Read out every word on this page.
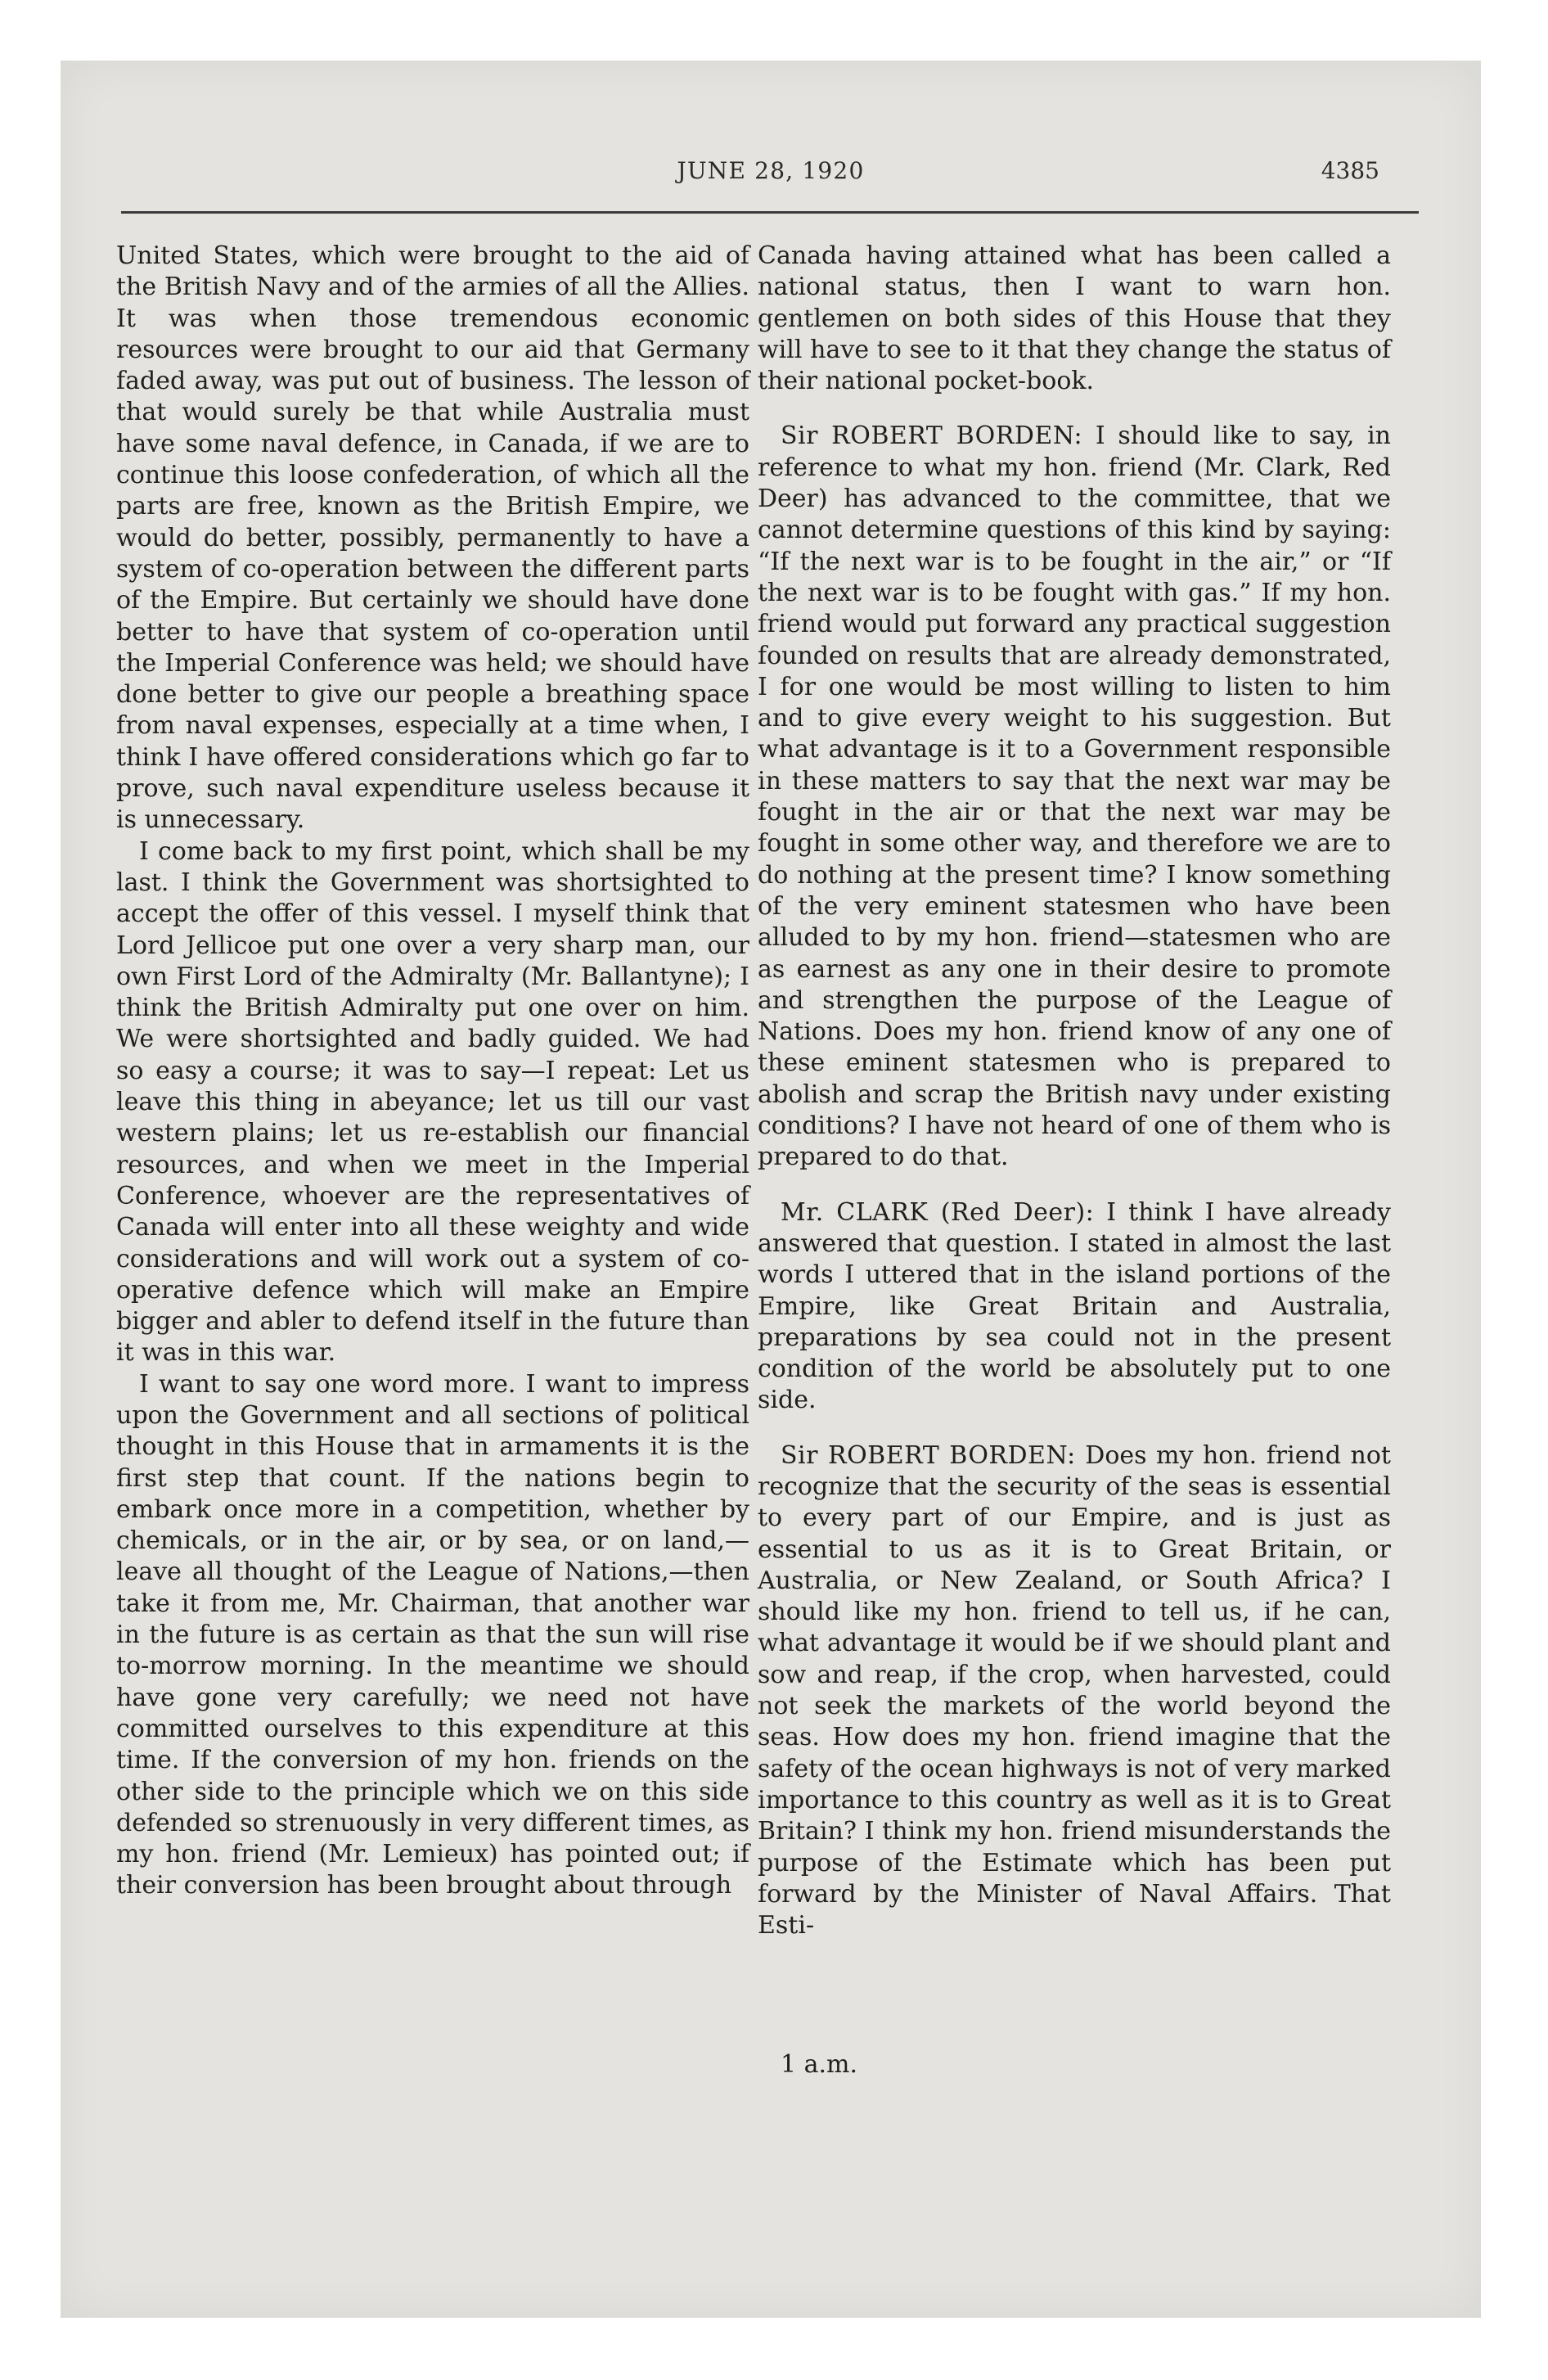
JUNE 28, 1920	4385

United States, which were brought to the aid of the British Navy and of the armies of all the Allies. It was when those tremendous economic resources were brought to our aid that Germany faded away, was put out of business. The lesson of that would surely be that while Australia must have some naval defence, in Canada, if we are to continue this loose confederation, of which all the parts are free, known as the British Empire, we would do better, possibly, permanently to have a system of co-operation between the different parts of the Empire. But certainly we should have done better to have that system of co-operation until the Imperial Conference was held; we should have done better to give our people a breathing space from naval expenses, especially at a time when, I think I have offered considerations which go far to prove, such naval expenditure useless because it is unnecessary.

I come back to my first point, which shall be my last. I think the Government was shortsighted to accept the offer of this vessel. I myself think that Lord Jellicoe put one over a very sharp man, our own First Lord of the Admiralty (Mr. Ballantyne); I think the British Admiralty put one over on him. We were shortsighted and badly guided. We had so easy a course; it was to say—I repeat: Let us leave this thing in abeyance; let us till our vast western plains; let us re-establish our financial resources, and when we meet in the Imperial Conference, whoever are the representatives of Canada will enter into all these weighty and wide considerations and will work out a system of co-operative defence which will make an Empire bigger and abler to defend itself in the future than it was in this war.

I want to say one word more. I want to impress upon the Government and all sections of political thought in this House that in armaments it is the first step that count. If the nations begin to embark once more in a competition, whether by chemicals, or in the air, or by sea, or on land,—leave all thought of the League of Nations,—then take it from me, Mr. Chairman, that another war in the future is as certain as that the sun will rise to-morrow morning. In the meantime we should have gone very carefully; we need not have committed ourselves to this expenditure at this time. If the conversion of my hon. friends on the other side to the principle which we on this side defended so strenuously in very different times, as my hon. friend (Mr. Lemieux) has pointed out; if their conversion has been brought about through

Canada having attained what has been called a national status, then I want to warn hon. gentlemen on both sides of this House that they will have to see to it that they change the status of their national pocket-book.

Sir ROBERT BORDEN: I should like to say, in reference to what my hon. friend (Mr. Clark, Red Deer) has advanced to the committee, that we cannot determine questions of this kind by saying: “If the next war is to be fought in the air,” or “If the next war is to be fought with gas.” If my hon. friend would put forward any practical suggestion founded on results that are already demonstrated, I for one would be most willing to listen to him and to give every weight to his suggestion. But what advantage is it to a Government responsible in these matters to say that the next war may be fought in the air or that the next war may be fought in some other way, and therefore we are to do nothing at the present time? I know something of the very eminent statesmen who have been alluded to by my hon. friend—statesmen who are as earnest as any one in their desire to promote and strengthen the purpose of the League of Nations. Does my hon. friend know of any one of these eminent statesmen who is prepared to abolish and scrap the British navy under existing conditions? I have not heard of one of them who is prepared to do that.

Mr. CLARK (Red Deer): I think I have already answered that question. I stated in almost the last words I uttered that in the island portions of the Empire, like Great Britain and Australia, preparations by sea could not in the present condition of the world be absolutely put to one side.

Sir ROBERT BORDEN: Does my hon. friend not recognize that the security of the seas is essential to every part of our Empire, and is just as essential to us as it is to Great Britain, or Australia, or New Zealand, or South Africa? I should like my hon. friend to tell us, if he can, what advantage it would be if we should plant and sow and reap, if the crop, when harvested, could not seek the markets of the world beyond the seas. How does my hon. friend imagine that the safety of the ocean highways is not of very marked importance to this country as well as it is to Great Britain? I think my hon. friend misunderstands the purpose of the Estimate which has been put forward by the Minister of Naval Affairs. That Esti-

1 a.m.
